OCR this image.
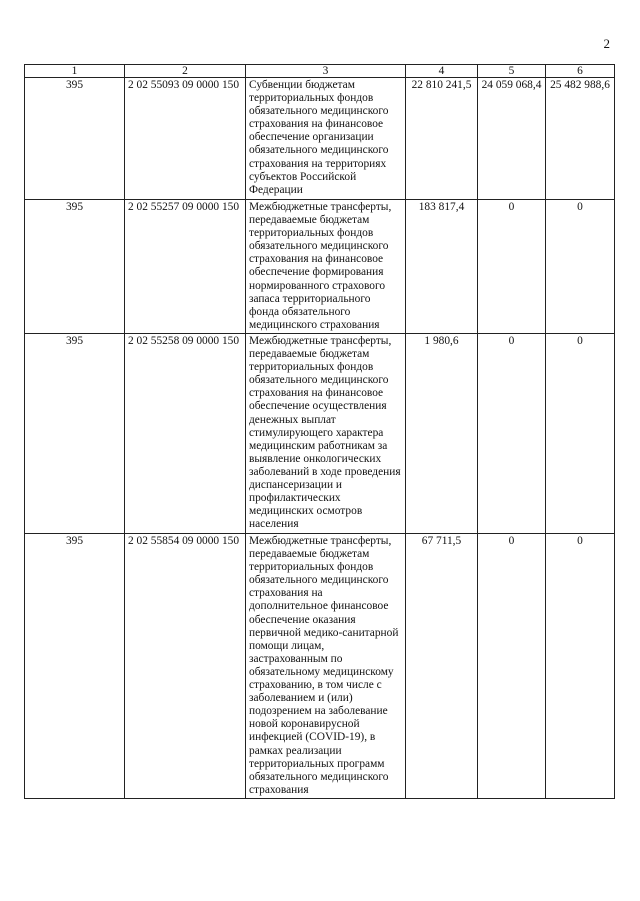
2
1	2	3	4	5	6
395	2 02 55093 09 0000 150	Субвенции бюджетам территориальных фондов обязательного медицинского страхования на финансовое обеспечение организации обязательного медицинского страхования на территориях субъектов Российской Федерации	22 810 241,5	24 059 068,4	25 482 988,6
395	2 02 55257 09 0000 150	Межбюджетные трансферты, передаваемые бюджетам территориальных фондов обязательного медицинского страхования на финансовое обеспечение формирования нормированного страхового запаса территориального фонда обязательного медицинского страхования	183 817,4	0	0
395	2 02 55258 09 0000 150	Межбюджетные трансферты, передаваемые бюджетам территориальных фондов обязательного медицинского страхования на финансовое обеспечение осуществления денежных выплат стимулирующего характера медицинским работникам за выявление онкологических заболеваний в ходе проведения диспансеризации и профилактических медицинских осмотров населения	1 980,6	0	0
395	2 02 55854 09 0000 150	Межбюджетные трансферты, передаваемые бюджетам территориальных фондов обязательного медицинского страхования на дополнительное финансовое обеспечение оказания первичной медико-санитарной помощи лицам, застрахованным по обязательному медицинскому страхованию, в том числе с заболеванием и (или) подозрением на заболевание новой коронавирусной инфекцией (COVID-19), в рамках реализации территориальных программ обязательного медицинского страхования	67 711,5	0	0
